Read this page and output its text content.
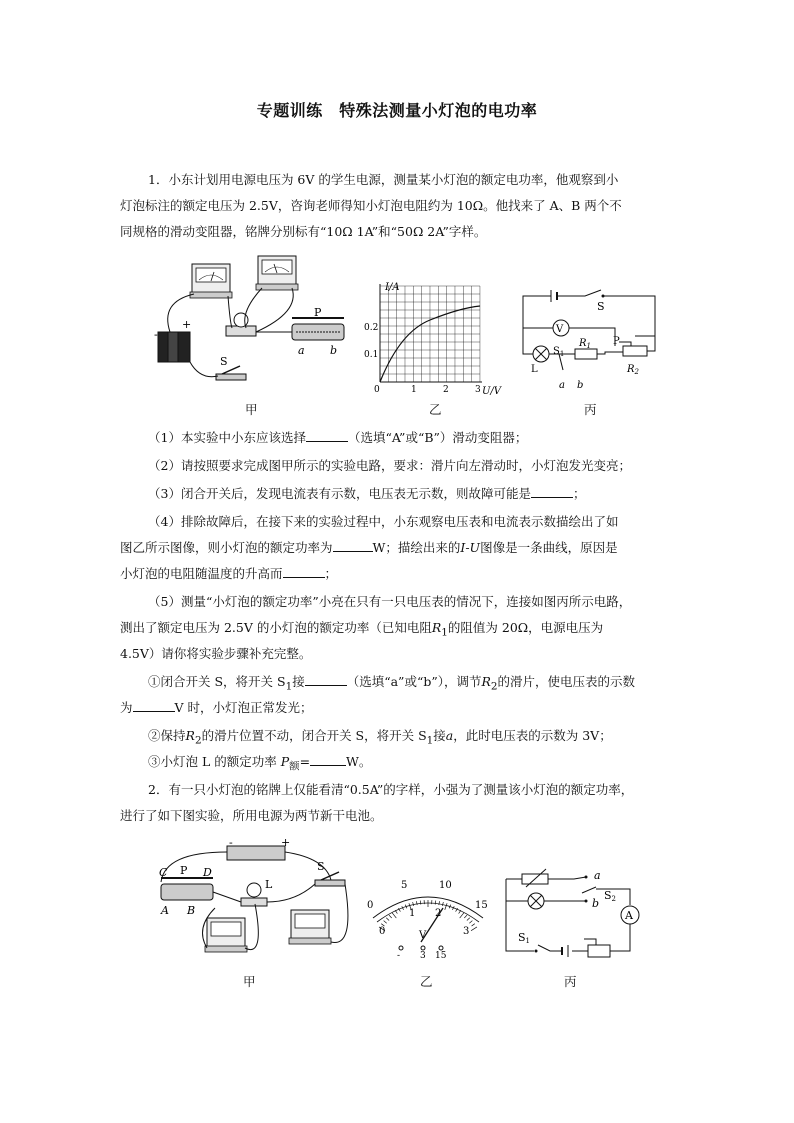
专题训练　特殊法测量小灯泡的电功率
1．小东计划用电源电压为 6V 的学生电源，测量某小灯泡的额定电功率，他观察到小
灯泡标注的额定电压为 2.5V，咨询老师得知小灯泡电阻约为 10Ω。他找来了 A、B 两个不
同规格的滑动变阻器，铭牌分别标有“10Ω 1A”和“50Ω 2A”字样。
-
+
P
a b
S
I/A
U/V
0.2
0.1
0	1	2	3
S
V
L
$R_1$ P
$R_2$
$S_1$
a b
甲	乙	丙
（1）本实验中小东应该选择	（选填“A”或“B”）滑动变阻器；
（2）请按照要求完成图甲所示的实验电路，要求：滑片向左滑动时，小灯泡发光变亮；
（3）闭合开关后，发现电流表有示数，电压表无示数，则故障可能是	；
（4）排除故障后，在接下来的实验过程中，小东观察电压表和电流表示数描绘出了如
图乙所示图像，则小灯泡的额定功率为	W；描绘出来的I-U图像是一条曲线，原因是
小灯泡的电阻随温度的升高而	；
（5）测量“小灯泡的额定功率”小亮在只有一只电压表的情况下，连接如图丙所示电路，
测出了额定电压为 2.5V 的小灯泡的额定功率（已知电阻$R_1$的阻值为 20Ω，电源电压为
4.5V）请你将实验步骤补充完整。
①闭合开关 S，将开关 $S_1$接	（选填“a”或“b”），调节$R_2$的滑片，使电压表的示数
为	V 时，小灯泡正常发光；
②保持$R_2$的滑片位置不动，闭合开关 S，将开关 $S_1$接a，此时电压表的示数为 3V；
③小灯泡 L 的额定功率 $P_额=$	W。
2．有一只小灯泡的铭牌上仅能看清“0.5A”的字样，小强为了测量该小灯泡的额定功率，
进行了如下图实验，所用电源为两节新干电池。
-	+
C P D
A B
L
S
0
5	10
15
0
1 2
3
V
- 3 15
a
b
S2
A
S1
甲	乙	丙
